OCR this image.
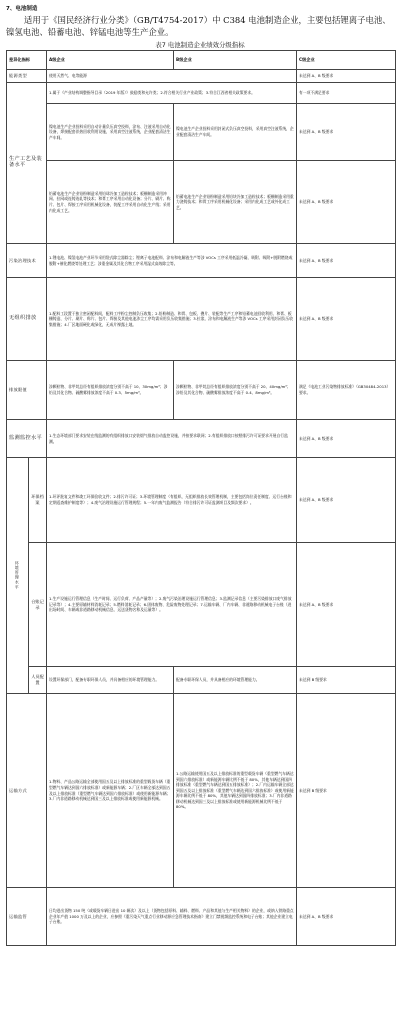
7、电池制造
适用于《国民经济行业分类》（GB/T4754-2017）中 C384 电池制造企业，主要包括锂离子电池、镍氢电池、铅蓄电池、锌锰电池等生产企业。
表7 电池制造企业绩效分级指标
差异化指标		A级企业	B级企业	C级企业
能源类型		使用天然气、电等能源		未达到 A、B 级要求
生产工艺及装备水平		1.属于《产业结构调整指导目录（2019 年版）》鼓励类和允许类；2.符合相关行业产业政策；3.符合江西省相关政策要求。		有一项不满足要求
		镍电池生产企业投料采用自动计量负压真空投料，涂布、注液采用自动化设备，焊接配套伴热回收利用设施，采用真空注液系统，企业配套清洁生产车间。	镍电池生产企业投料采用封闭式负压真空投料，采用真空注液系统，企业配套清洁生产车间。	未达到 A、B 级要求
		铅蓄电池生产企业铅粉制造采用铅球冷加工造粒技术；板栅制造采用冲网、拉网或连铸连轧等技术；和膏工序采用自动化设备；分片、刷片、称片、包片、焊接工序采用机械化设备，装配工序采用自动化生产线；采用内化成工艺。	铅蓄电池生产企业铅粉制造采用铅块冷加工造粒技术；板栅制造采用重力浇铸技术；和膏工序采用机械化设备；采用内化成工艺或外化成工艺。	未达到 A、B 级要求
污染治理技术		1.锂电池、镍氢电池产业环节采用袋式除尘器除尘；锂离子电池配料、涂布和电解液生产等涉 VOCs 工序采用低温冷凝、吸附、吸附+脱附燃烧或脱附+催化燃烧等处理工艺；涉重金属及其化合物工序采用湿式高效除尘等。		未达到 A、B 级要求
无组织排放		1.配料工段置于独立密闭配料间，配料工序粉尘控制负压收集；2.铅粉制造、和膏、包板、叠片、装配等生产工序和铅蓄电池回收利用、和膏、板栅铸造、分片、刷片、称片、包片、焊接及其他电池涉尘工序均需采用负压收集措施；3.拉浆、涂布和电解液生产等涉 VOCs 工序采用封闭负压收集措施；4.厂区地面硬化或绿化，无成片裸露土地。		未达到 A、B 级要求
排放限值		涉颗粒物、非甲烷总烃有组织排放浓度分别不高于 10、30mg/m³；涉铅及其化合物、硫酸雾排放浓度不高于 0.3、5mg/m³。	涉颗粒物、非甲烷总烃有组织排放浓度分别不高于 20、40mg/m³；涉铅及其化合物、硫酸雾排放浓度不高于 0.4、8mg/m³。	满足《电池工业污染物排放标准》（GB30484-2013）要求。
监测监控水平		1.生态环境部门要求安装在线监测的有组织排放口安装烟气排放自动监控设施，并按要求联网；2.有组织排放口按照排污许可证要求开展自行监测。		未达到 A、B 级要求
环境管理水平	环保档案	1.环评批复文件和竣工环保验收文件；2.排污许可证；3.环境管理制度（有组织、无组织排放长效管理机制，主要包括岗位责任制度、运行台账和定期巡查维护制度等）；4.废气治理设施运行管理规程；5.一年内废气监测报告（符合排污许可证监测项目及频次要求）。		未达到 A、B 级要求
	台账记录	1.生产设施运行管理信息（生产时间、运行负荷、产品产量等）；2.废气污染治理设施运行管理信息；3.监测记录信息（主要污染排放口废气排放记录等）；4.主要原辅材料消耗记录；5.燃料消耗记录；6.固体废物、危险废物处理记录；7.运输车辆、厂内车辆、非道路移动机械电子台账（进出场时间、车辆或非道路移动机械信息、运送货物名称及运量等）。		未达到 A、B 级要求
	人员配置	设置环保部门，配备专职环保人员，并具备相应的环境管理能力。	配备专职环保人员，并具备相应的环境管理能力。	未达到 B 级要求
运输方式		1.物料、产品公路运输全部使用国五及以上排放标准的重型载货车辆（重型燃气车辆达到国六排放标准）或新能源车辆；2.厂区车辆全部达到国五及以上排放标准（重型燃气车辆达到国六排放标准）或使用新能源车辆；3.厂内非道路移动机械达到国三及以上排放标准或使用新能源机械。	1.公路运输使用国五及以上排放标准的重型载货车辆（重型燃气车辆达到国六排放标准）或新能源车辆比例不低于 80%，其他车辆达到国四排放标准（重型燃气车辆达到国五排放标准）；2.厂内运输车辆全部达到国五及以上排放标准（重型燃气车辆达到国六排放标准）或使用新能源车辆比例不低于 80%，其他车辆达到国四排放标准；3.厂内非道路移动机械达到国三及以上排放标准或使用新能源机械比例不低于 80%。	未达到 B 级要求
运输监管		日均进出货物 150 吨（或载货车辆日进出 10 辆次）及以上（货物包括原料、辅料、燃料、产品和其他与生产相关物料）的企业，或纳入铁路重点企业年产值 1000 万及以上的企业，应参照《重污染天气重点行业移动源应急管理技术指南》建立门禁视频监控系统和电子台账；其他企业建立电子台账。		未达到 A、B 级要求
